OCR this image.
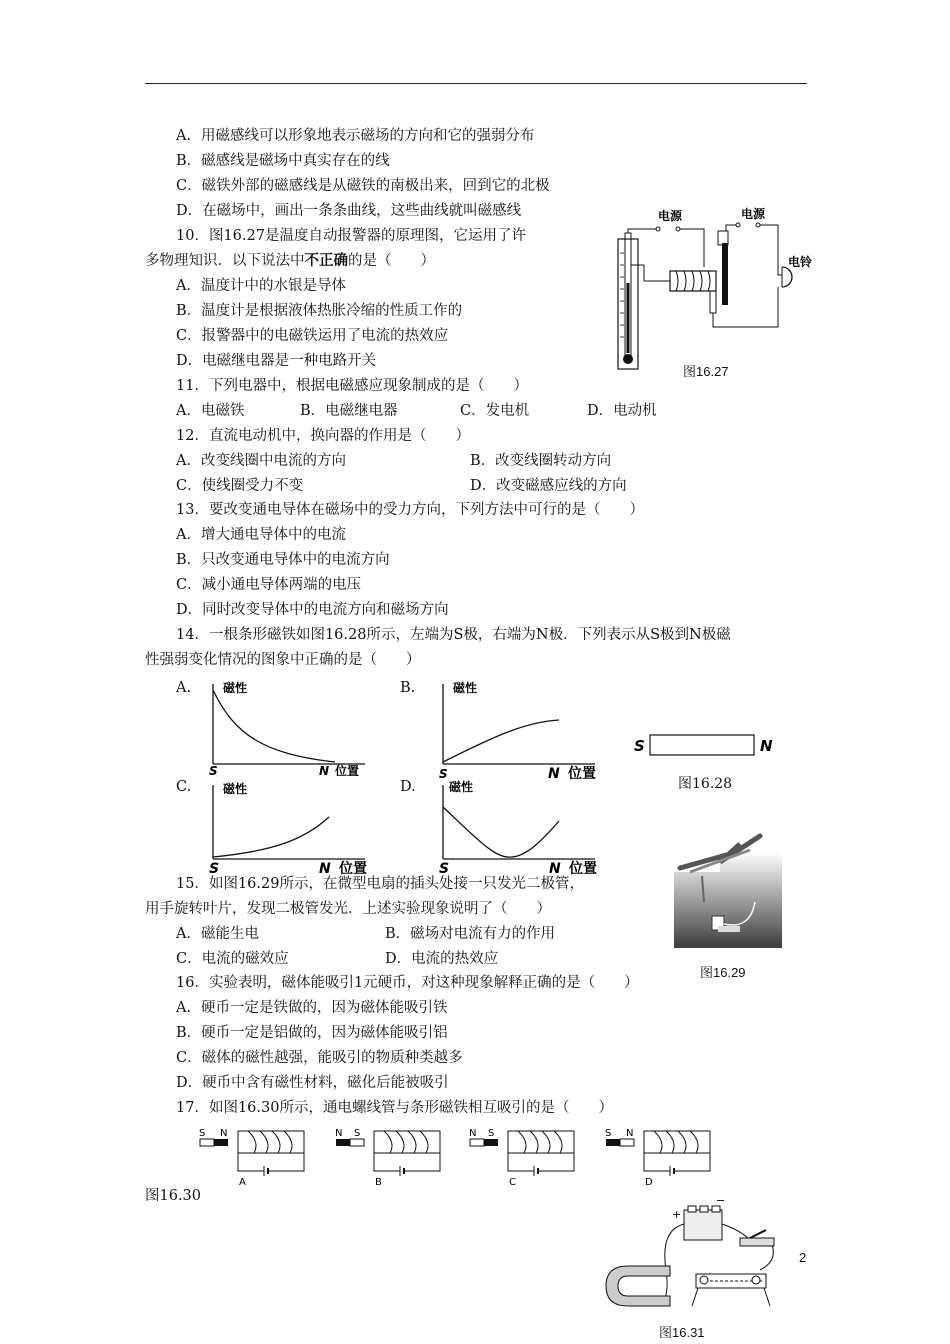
A．用磁感线可以形象地表示磁场的方向和它的强弱分布
B．磁感线是磁场中真实存在的线
C．磁铁外部的磁感线是从磁铁的南极出来，回到它的北极
D．在磁场中，画出一条条曲线，这些曲线就叫磁感线
10．图16.27是温度自动报警器的原理图，它运用了许
多物理知识．以下说法中不正确的是（　　）
A．温度计中的水银是导体
B．温度计是根据液体热胀冷缩的性质工作的
C．报警器中的电磁铁运用了电流的热效应
D．电磁继电器是一种电路开关
电源	电源
电铃
图16.27
11．下列电器中，根据电磁感应现象制成的是（　　）
A．电磁铁	B．电磁继电器	C．发电机	D．电动机
12．直流电动机中，换向器的作用是（　　）
A．改变线圈中电流的方向	B．改变线圈转动方向
C．使线圈受力不变	D．改变磁感应线的方向
13．要改变通电导体在磁场中的受力方向，下列方法中可行的是（　　）
A．增大通电导体中的电流
B．只改变通电导体中的电流方向
C．减小通电导体两端的电压
D．同时改变导体中的电流方向和磁场方向
14．一根条形磁铁如图16.28所示，左端为S极，右端为N极．下列表示从S极到N极磁
性强弱变化情况的图象中正确的是（　　）
A.	B.
C.	D.
磁性
S	N 位置
磁性
S	N 位置
磁性
S	N 位置
磁性
S	N 位置
S	N
图16.28
15．如图16.29所示，在微型电扇的插头处接一只发光二极管，
用手旋转叶片，发现二极管发光．上述实验现象说明了（　　）
A．磁能生电	B．磁场对电流有力的作用
C．电流的磁效应	D．电流的热效应
图16.29
16．实验表明，磁体能吸引1元硬币，对这种现象解释正确的是（　　）
A．硬币一定是铁做的，因为磁体能吸引铁
B．硬币一定是铝做的，因为磁体能吸引铝
C．磁体的磁性越强，能吸引的物质种类越多
D．硬币中含有磁性材料，磁化后能被吸引
17．如图16.30所示，通电螺线管与条形磁铁相互吸引的是（　　）
S N
A
N S
B
N S
C
S N
D
图16.30
+
−
图16.31
2
